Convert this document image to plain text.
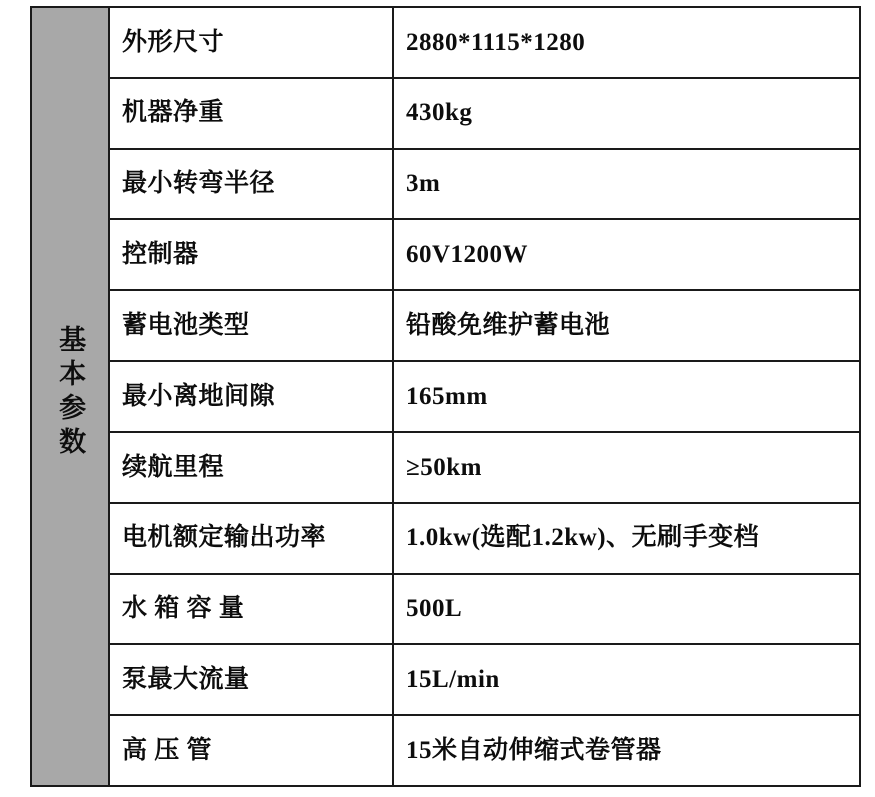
基本参数	外形尺寸	2880*1115*1280
	机器净重	430kg
	最小转弯半径	3m
	控制器	60V1200W
	蓄电池类型	铅酸免维护蓄电池
	最小离地间隙	165mm
	续航里程	≥50km
	电机额定输出功率	1.0kw(选配1.2kw)、无刷手变档
	水 箱 容 量	500L
	泵最大流量	15L/min
	高 压 管	15米自动伸缩式卷管器
